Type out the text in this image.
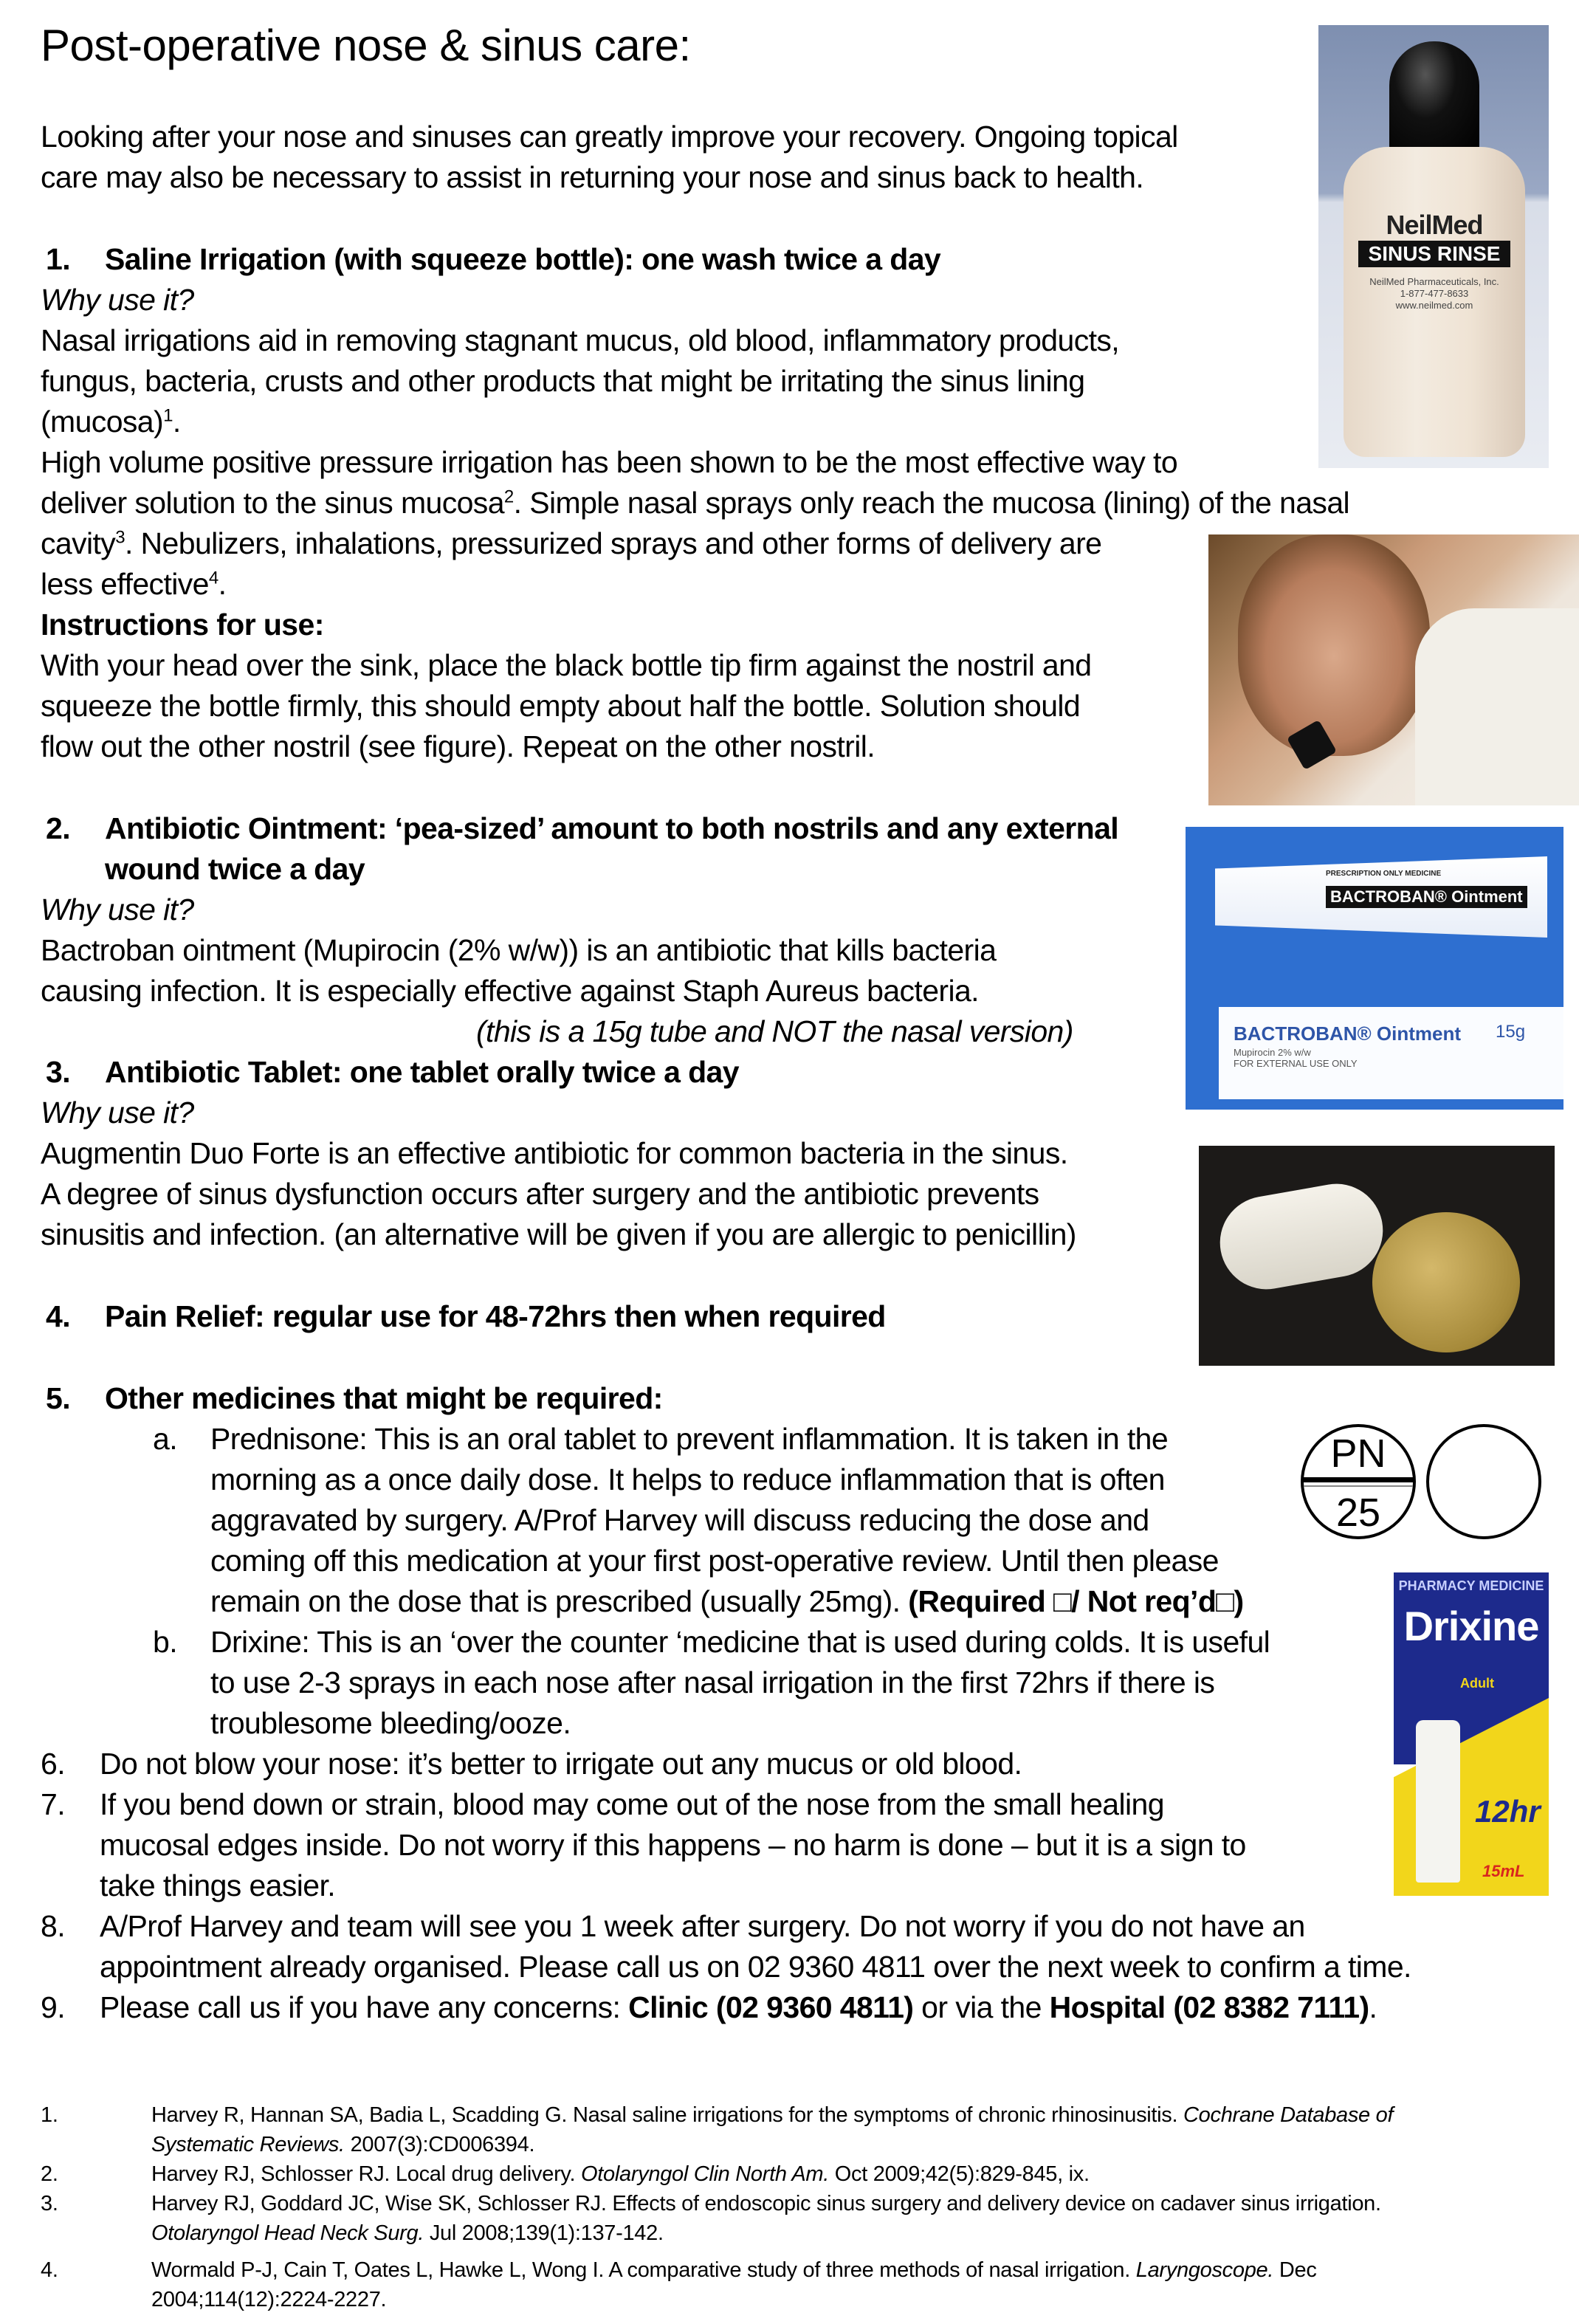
Post-operative nose & sinus care:
Looking after your nose and sinuses can greatly improve your recovery. Ongoing topical
care may also be necessary to assist in returning your nose and sinus back to health.
1. Saline Irrigation (with squeeze bottle): one wash twice a day
Why use it?
Nasal irrigations aid in removing stagnant mucus, old blood, inflammatory products,
fungus, bacteria, crusts and other products that might be irritating the sinus lining
$(mucosa)^1$.
High volume positive pressure irrigation has been shown to be the most effective way to
deliver solution to the sinus mucosa$^2$. Simple nasal sprays only reach the mucosa (lining) of the nasal
cavity$^3$. Nebulizers, inhalations, pressurized sprays and other forms of delivery are
less effective$^4$.
Instructions for use:
With your head over the sink, place the black bottle tip firm against the nostril and
squeeze the bottle firmly, this should empty about half the bottle. Solution should
flow out the other nostril (see figure). Repeat on the other nostril.
2. Antibiotic Ointment: ‘pea-sized’ amount to both nostrils and any external
wound twice a day
Why use it?
Bactroban ointment (Mupirocin (2% w/w)) is an antibiotic that kills bacteria
causing infection. It is especially effective against Staph Aureus bacteria.
(this is a 15g tube and NOT the nasal version)
3. Antibiotic Tablet: one tablet orally twice a day
Why use it?
Augmentin Duo Forte is an effective antibiotic for common bacteria in the sinus.
A degree of sinus dysfunction occurs after surgery and the antibiotic prevents
sinusitis and infection. (an alternative will be given if you are allergic to penicillin)
4. Pain Relief: regular use for 48-72hrs then when required
5. Other medicines that might be required:
a. Prednisone: This is an oral tablet to prevent inflammation. It is taken in the
morning as a once daily dose. It helps to reduce inflammation that is often
aggravated by surgery. A/Prof Harvey will discuss reducing the dose and
coming off this medication at your first post-operative review. Until then please
remain on the dose that is prescribed (usually 25mg). (Required □/ Not req’d□)
b. Drixine: This is an ‘over the counter ‘medicine that is used during colds. It is useful
to use 2-3 sprays in each nose after nasal irrigation in the first 72hrs if there is
troublesome bleeding/ooze.
6. Do not blow your nose: it’s better to irrigate out any mucus or old blood.
7. If you bend down or strain, blood may come out of the nose from the small healing
mucosal edges inside. Do not worry if this happens – no harm is done – but it is a sign to
take things easier.
8. A/Prof Harvey and team will see you 1 week after surgery. Do not worry if you do not have an
appointment already organised. Please call us on 02 9360 4811 over the next week to confirm a time.
9. Please call us if you have any concerns: Clinic (02 9360 4811) or via the Hospital (02 8382 7111).
1.	Harvey R, Hannan SA, Badia L, Scadding G. Nasal saline irrigations for the symptoms of chronic rhinosinusitis. Cochrane Database of
Systematic Reviews. 2007(3):CD006394.
2.	Harvey RJ, Schlosser RJ. Local drug delivery. Otolaryngol Clin North Am. Oct 2009;42(5):829-845, ix.
3.	Harvey RJ, Goddard JC, Wise SK, Schlosser RJ. Effects of endoscopic sinus surgery and delivery device on cadaver sinus irrigation.
Otolaryngol Head Neck Surg. Jul 2008;139(1):137-142.
4.	Wormald P-J, Cain T, Oates L, Hawke L, Wong I. A comparative study of three methods of nasal irrigation. Laryngoscope. Dec
2004;114(12):2224-2227.
NeilMed
SINUS RINSE
NeilMed Pharmaceuticals, Inc.
1-877-477-8633
www.neilmed.com
PRESCRIPTION ONLY MEDICINE
BACTROBAN® Ointment
BACTROBAN® Ointment 15g
Mupirocin 2% w/w
FOR EXTERNAL USE ONLY
PN
25
PHARMACY MEDICINE
Drixine
Adult
12hr
15mL
